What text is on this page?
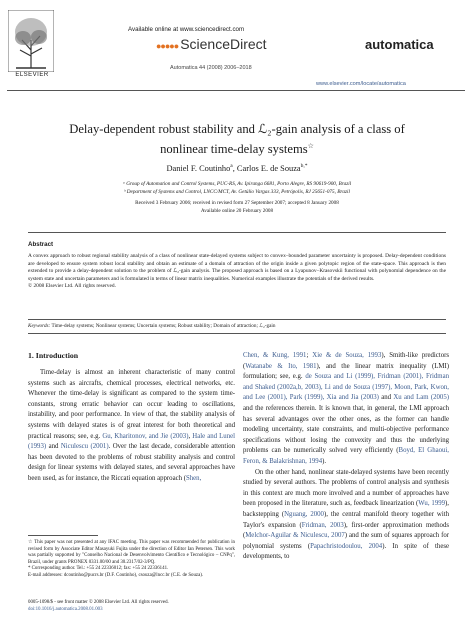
ELSEVIER
Available online at www.sciencedirect.com
●●●●● ScienceDirect
Automatica 44 (2008) 2006–2018
automatica
www.elsevier.com/locate/automatica
Delay-dependent robust stability and ℒ₂-gain analysis of a class of
nonlinear time-delay systems☆
Daniel F. Coutinho$^a$, Carlos E. de Souza$^{b,*}$
ᵃ Group of Automation and Control Systems, PUC-RS, Av. Ipiranga 6681, Porto Alegre, RS 90619-900, Brazil
ᵇ Department of Systems and Control, LNCC/MCT, Av. Getúlio Vargas 333, Petrópolis, RJ 25651-075, Brazil
Received 3 February 2006; received in revised form 27 September 2007; accepted 8 January 2008
Available online 20 February 2008
Abstract

A convex approach to robust regional stability analysis of a class of nonlinear state-delayed systems subject to convex–bounded parameter uncertainty is proposed. Delay-dependent conditions are developed to ensure system robust local stability and obtain an estimate of a domain of attraction of the origin inside a given polytopic region of the state-space. This approach is then extended to provide a delay-dependent solution to the problem of ℒ₂-gain analysis. The proposed approach is based on a Lyapunov–Krasovskii functional with polynomial dependence on the system state and uncertain parameters and is formulated in terms of linear matrix inequalities. Numerical examples illustrate the potentials of the derived results.

© 2008 Elsevier Ltd. All rights reserved.

Keywords: Time-delay systems; Nonlinear systems; Uncertain systems; Robust stability; Domain of attraction; ℒ₂-gain
1. Introduction

Time-delay is almost an inherent characteristic of many control systems such as aircrafts, chemical processes, electrical networks, etc. Whenever the time-delay is significant as compared to the system time-constants, strong erratic behavior can occur leading to oscillations, instability, and poor performance. In view of that, the stability analysis of systems with delayed states is of great interest for both theoretical and practical reasons; see, e.g. Gu, Kharitonov, and Jie (2003), Hale and Lunel (1993) and Niculescu (2001). Over the last decade, considerable attention has been devoted to the problems of robust stability analysis and control design for linear systems with delayed states, and several approaches have been used, as for instance, the Riccati equation approach (Shen,

☆ This paper was not presented at any IFAC meeting. This paper was recommended for publication in revised form by Associate Editor Masayuki Fujita under the direction of Editor Ian Petersen. This work was partially supported by "Conselho Nacional de Desenvolvimento Científico e Tecnológico – CNPq", Brazil, under grants PRONEX 0331.00/00 and 30.2317/02-3/PQ.

* Corresponding author. Tel.: +55 24 22336012; fax: +55 24 22336141.

E-mail addresses: dcoutinho@pucrs.br (D.F. Coutinho), csouza@lncc.br (C.E. de Souza).

0005-1098/$ - see front matter © 2008 Elsevier Ltd. All rights reserved.
doi:10.1016/j.automatica.2008.01.003

Chen, & Kung, 1991; Xie & de Souza, 1993), Smith-like predictors (Watanabe & Ito, 1981), and the linear matrix inequality (LMI) formulation; see, e.g. de Souza and Li (1999), Fridman (2001), Fridman and Shaked (2002a,b, 2003), Li and de Souza (1997), Moon, Park, Kwon, and Lee (2001), Park (1999), Xia and Jia (2003) and Xu and Lam (2005) and the references therein. It is known that, in general, the LMI approach has several advantages over the other ones, as the former can handle modeling uncertainty, state constraints, and multi-objective performance specifications without losing the convexity and thus the underlying problems can be numerically solved very efficiently (Boyd, El Ghaoui, Feron, & Balakrishnan, 1994).

On the other hand, nonlinear state-delayed systems have been recently studied by several authors. The problems of control analysis and synthesis in this context are much more involved and a number of approaches have been proposed in the literature, such as, feedback linearization (Wu, 1999), backstepping (Nguang, 2000), the central manifold theory together with Taylor's expansion (Fridman, 2003), first-order approximation methods (Melchor-Aguilar & Niculescu, 2007) and the sum of squares approach for polynomial systems (Papachristodoulou, 2004). In spite of these developments, to
